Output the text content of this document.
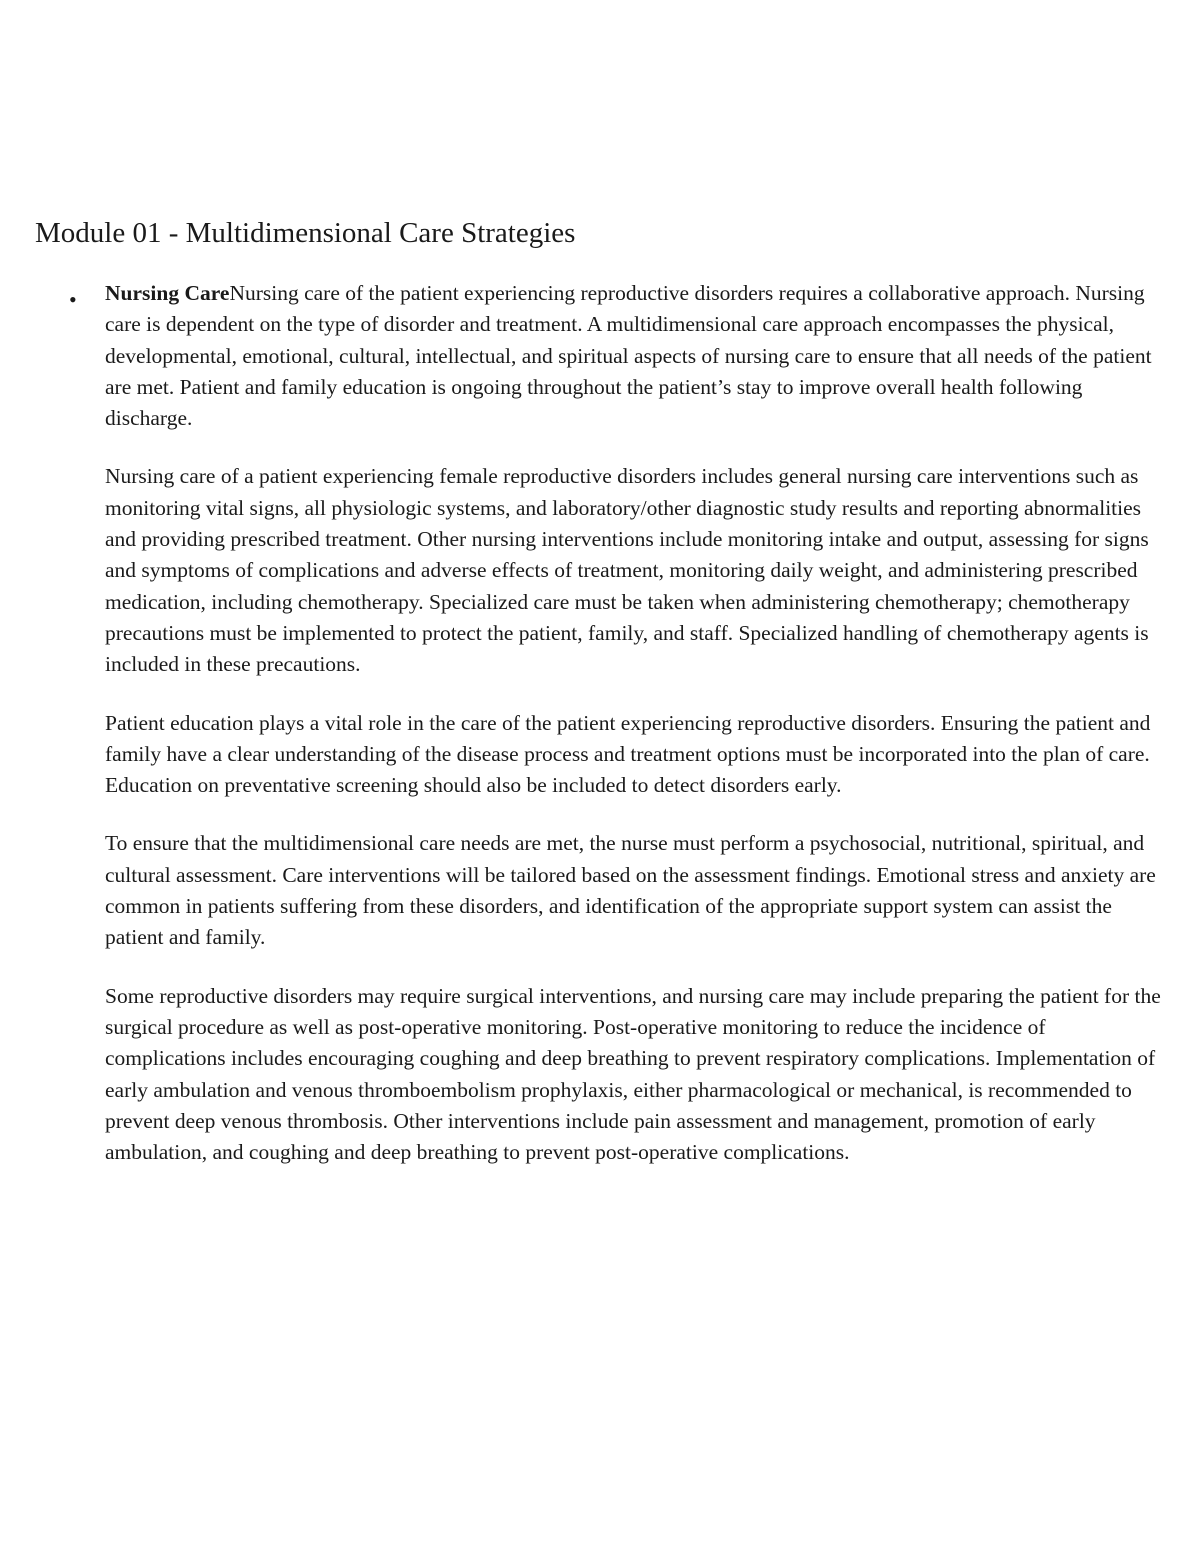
Module 01 - Multidimensional Care Strategies
• Nursing CareNursing care of the patient experiencing reproductive disorders requires a collaborative approach. Nursing care is dependent on the type of disorder and treatment. A multidimensional care approach encompasses the physical, developmental, emotional, cultural, intellectual, and spiritual aspects of nursing care to ensure that all needs of the patient are met. Patient and family education is ongoing throughout the patient’s stay to improve overall health following discharge.

Nursing care of a patient experiencing female reproductive disorders includes general nursing care interventions such as monitoring vital signs, all physiologic systems, and laboratory/other diagnostic study results and reporting abnormalities and providing prescribed treatment. Other nursing interventions include monitoring intake and output, assessing for signs and symptoms of complications and adverse effects of treatment, monitoring daily weight, and administering prescribed medication, including chemotherapy. Specialized care must be taken when administering chemotherapy; chemotherapy precautions must be implemented to protect the patient, family, and staff. Specialized handling of chemotherapy agents is included in these precautions.

Patient education plays a vital role in the care of the patient experiencing reproductive disorders. Ensuring the patient and family have a clear understanding of the disease process and treatment options must be incorporated into the plan of care. Education on preventative screening should also be included to detect disorders early.

To ensure that the multidimensional care needs are met, the nurse must perform a psychosocial, nutritional, spiritual, and cultural assessment. Care interventions will be tailored based on the assessment findings. Emotional stress and anxiety are common in patients suffering from these disorders, and identification of the appropriate support system can assist the patient and family.

Some reproductive disorders may require surgical interventions, and nursing care may include preparing the patient for the surgical procedure as well as post-operative monitoring. Post-operative monitoring to reduce the incidence of complications includes encouraging coughing and deep breathing to prevent respiratory complications. Implementation of early ambulation and venous thromboembolism prophylaxis, either pharmacological or mechanical, is recommended to prevent deep venous thrombosis. Other interventions include pain assessment and management, promotion of early ambulation, and coughing and deep breathing to prevent post-operative complications.
